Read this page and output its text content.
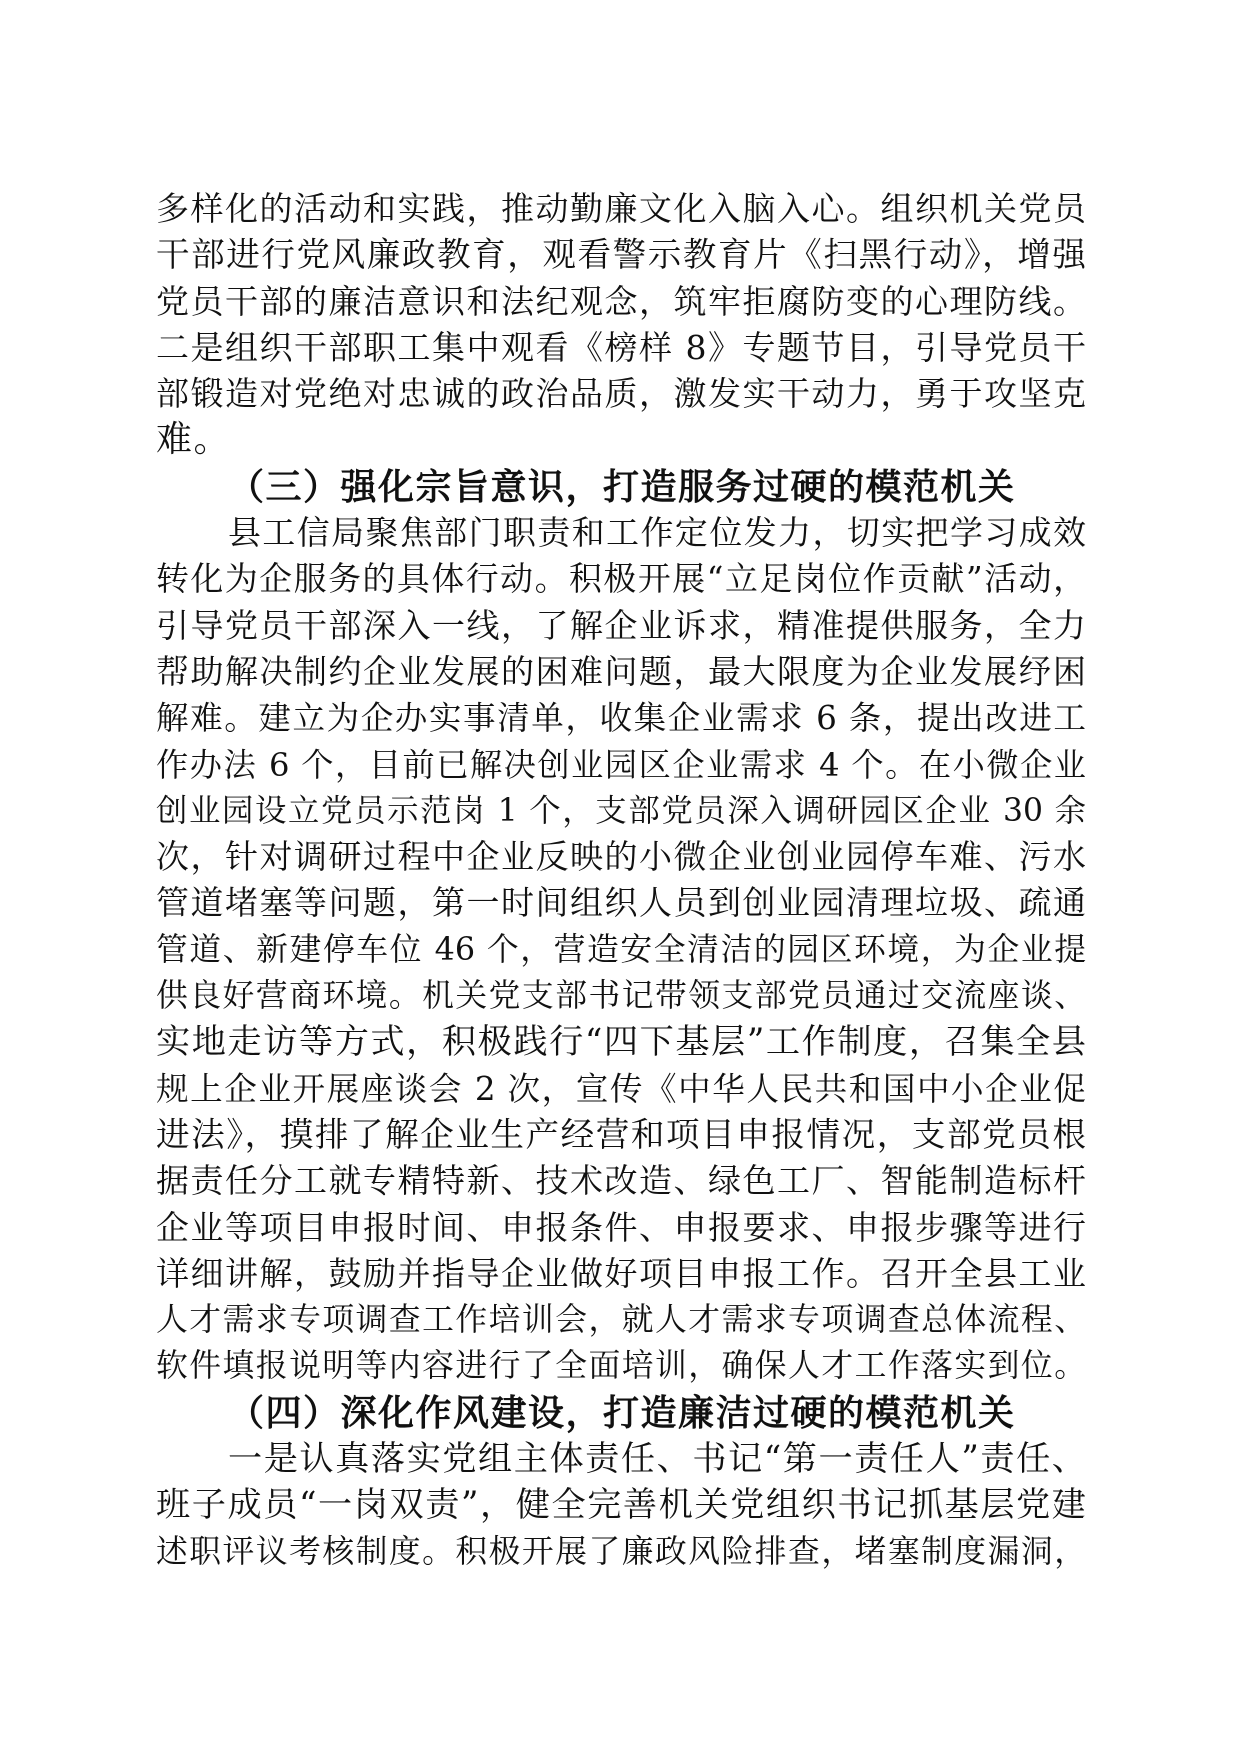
多样化的活动和实践，推动勤廉文化入脑入心。组织机关党员
干部进行党风廉政教育，观看警示教育片《扫黑行动》，增强
党员干部的廉洁意识和法纪观念，筑牢拒腐防变的心理防线。
二是组织干部职工集中观看《榜样 8》专题节目，引导党员干
部锻造对党绝对忠诚的政治品质，激发实干动力，勇于攻坚克
难。
（三）强化宗旨意识，打造服务过硬的模范机关
县工信局聚焦部门职责和工作定位发力，切实把学习成效
转化为企服务的具体行动。积极开展“立足岗位作贡献”活动，
引导党员干部深入一线，了解企业诉求，精准提供服务，全力
帮助解决制约企业发展的困难问题，最大限度为企业发展纾困
解难。建立为企办实事清单，收集企业需求 6 条，提出改进工
作办法 6 个，目前已解决创业园区企业需求 4 个。在小微企业
创业园设立党员示范岗 1 个，支部党员深入调研园区企业 30 余
次，针对调研过程中企业反映的小微企业创业园停车难、污水
管道堵塞等问题，第一时间组织人员到创业园清理垃圾、疏通
管道、新建停车位 46 个，营造安全清洁的园区环境，为企业提
供良好营商环境。机关党支部书记带领支部党员通过交流座谈、
实地走访等方式，积极践行“四下基层”工作制度，召集全县
规上企业开展座谈会 2 次，宣传《中华人民共和国中小企业促
进法》，摸排了解企业生产经营和项目申报情况，支部党员根
据责任分工就专精特新、技术改造、绿色工厂、智能制造标杆
企业等项目申报时间、申报条件、申报要求、申报步骤等进行
详细讲解，鼓励并指导企业做好项目申报工作。召开全县工业
人才需求专项调查工作培训会，就人才需求专项调查总体流程、
软件填报说明等内容进行了全面培训，确保人才工作落实到位。
（四）深化作风建设，打造廉洁过硬的模范机关
一是认真落实党组主体责任、书记“第一责任人”责任、
班子成员“一岗双责”，健全完善机关党组织书记抓基层党建
述职评议考核制度。积极开展了廉政风险排查，堵塞制度漏洞，
